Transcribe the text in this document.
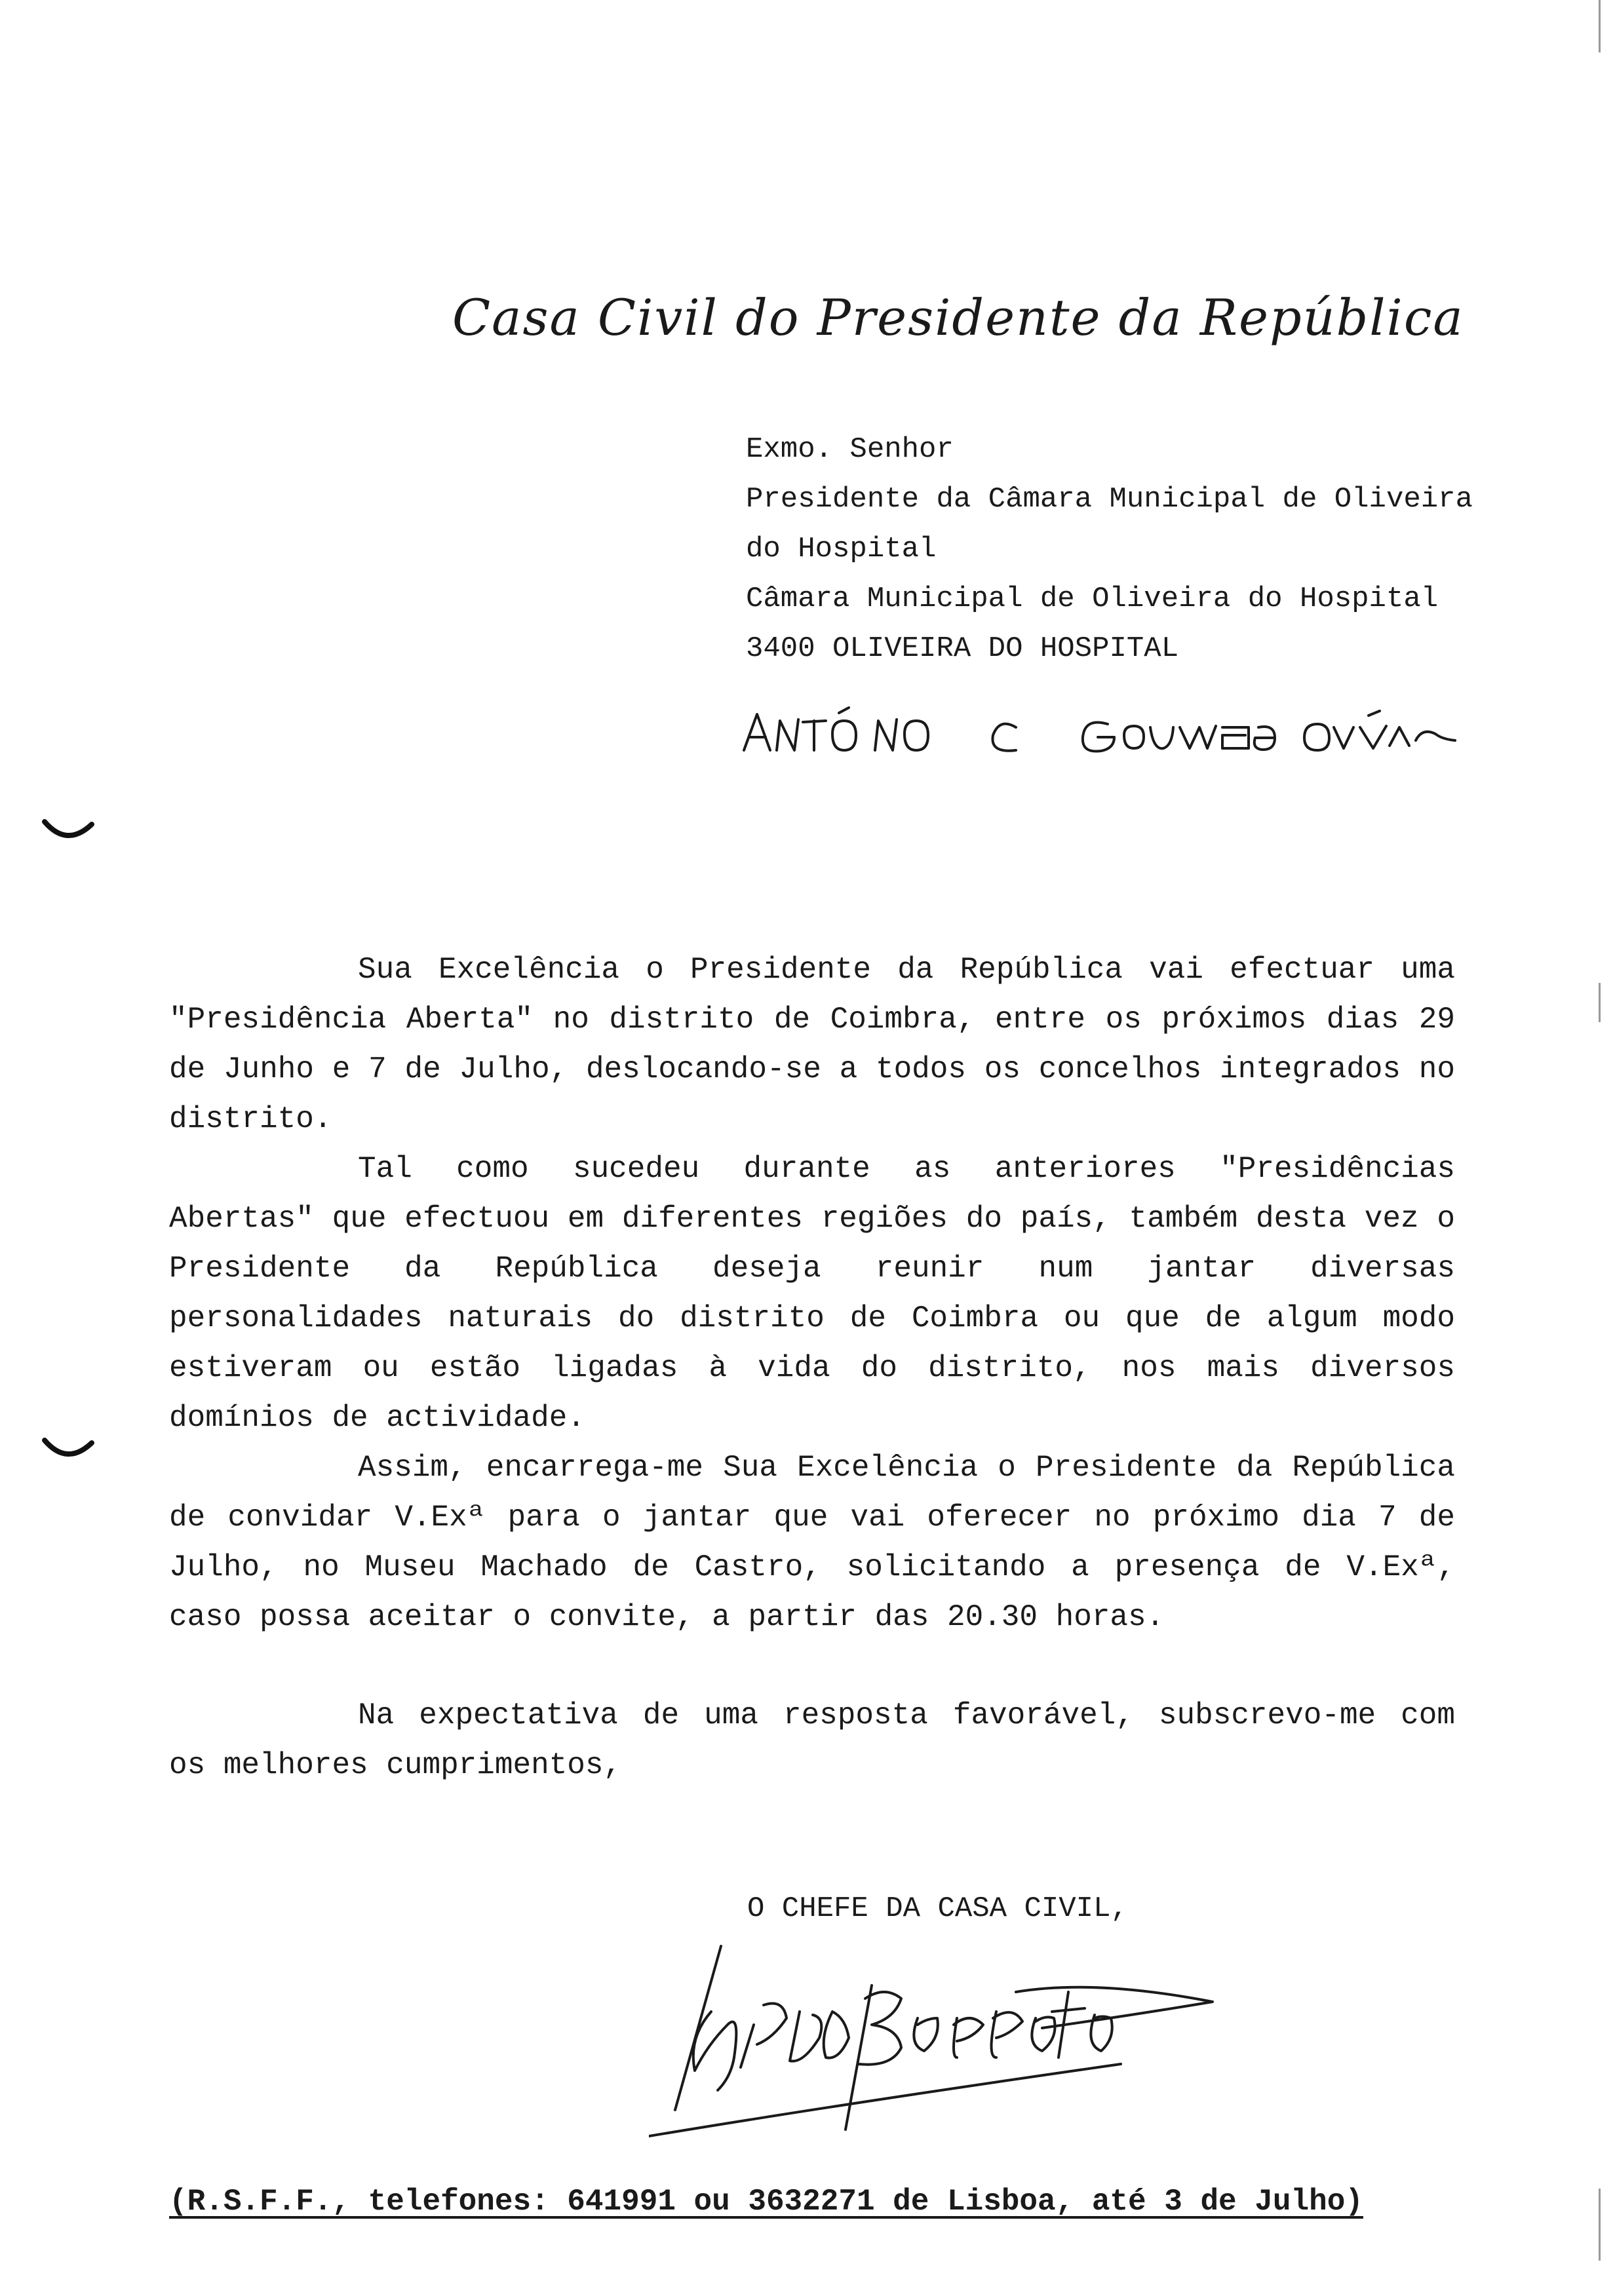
Casa Civil do Presidente da República
Exmo. Senhor
Presidente da Câmara Municipal de Oliveira
do Hospital
Câmara Municipal de Oliveira do Hospital
3400 OLIVEIRA DO HOSPITAL

Sua Excelência o Presidente da República vai efectuar uma "Presidência Aberta" no distrito de Coimbra, entre os próximos dias 29 de Junho e 7 de Julho, deslocando-se a todos os concelhos integrados no distrito.

Tal como sucedeu durante as anteriores "Presidências Abertas" que efectuou em diferentes regiões do país, também desta vez o Presidente da República deseja reunir num jantar diversas personalidades naturais do distrito de Coimbra ou que de algum modo estiveram ou estão ligadas à vida do distrito, nos mais diversos domínios de actividade.

Assim, encarrega-me Sua Excelência o Presidente da República de convidar V.Exª para o jantar que vai oferecer no próximo dia 7 de Julho, no Museu Machado de Castro, solicitando a presença de V.Exª, caso possa aceitar o convite, a partir das 20.30 horas.

Na expectativa de uma resposta favorável, subscrevo-me com os melhores cumprimentos,

O CHEFE DA CASA CIVIL,
(R.S.F.F., telefones: 641991 ou 3632271 de Lisboa, até 3 de Julho)
